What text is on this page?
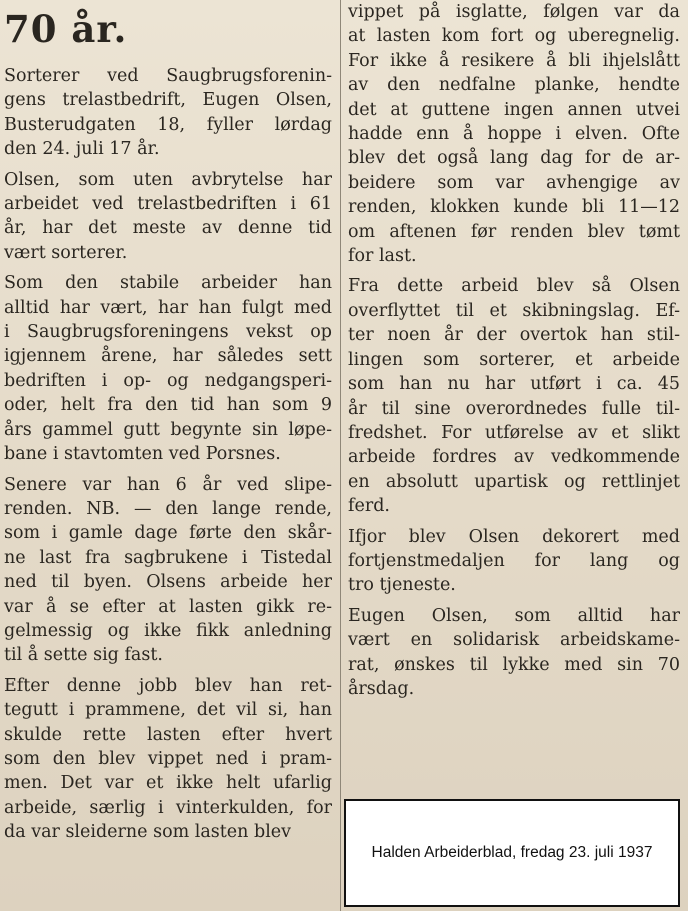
70 år.
Sorterer ved Saugbrugsforenin-
gens trelastbedrift, Eugen Olsen,
Busterudgaten 18, fyller lørdag
den 24. juli 17 år.
Olsen, som uten avbrytelse har
arbeidet ved trelastbedriften i 61
år, har det meste av denne tid
vært sorterer.
Som den stabile arbeider han
alltid har vært, har han fulgt med
i Saugbrugsforeningens vekst op
igjennem årene, har således sett
bedriften i op- og nedgangsperi-
oder, helt fra den tid han som 9
års gammel gutt begynte sin løpe-
bane i stavtomten ved Porsnes.
Senere var han 6 år ved slipe-
renden. NB. — den lange rende,
som i gamle dage førte den skår-
ne last fra sagbrukene i Tistedal
ned til byen. Olsens arbeide her
var å se efter at lasten gikk re-
gelmessig og ikke fikk anledning
til å sette sig fast.
Efter denne jobb blev han ret-
tegutt i prammene, det vil si, han
skulde rette lasten efter hvert
som den blev vippet ned i pram-
men. Det var et ikke helt ufarlig
arbeide, særlig i vinterkulden, for
da var sleiderne som lasten blev
vippet på isglatte, følgen var da
at lasten kom fort og uberegnelig.
For ikke å resikere å bli ihjelslått
av den nedfalne planke, hendte
det at guttene ingen annen utvei
hadde enn å hoppe i elven. Ofte
blev det også lang dag for de ar-
beidere som var avhengige av
renden, klokken kunde bli 11—12
om aftenen før renden blev tømt
for last.
Fra dette arbeid blev så Olsen
overflyttet til et skibningslag. Ef-
ter noen år der overtok han stil-
lingen som sorterer, et arbeide
som han nu har utført i ca. 45
år til sine overordnedes fulle til-
fredshet. For utførelse av et slikt
arbeide fordres av vedkommende
en absolutt upartisk og rettlinjet
ferd.
Ifjor blev Olsen dekorert med
fortjenstmedaljen for lang og
tro tjeneste.
Eugen Olsen, som alltid har
vært en solidarisk arbeidskame-
rat, ønskes til lykke med sin 70
årsdag.
Halden Arbeiderblad, fredag 23. juli 1937
